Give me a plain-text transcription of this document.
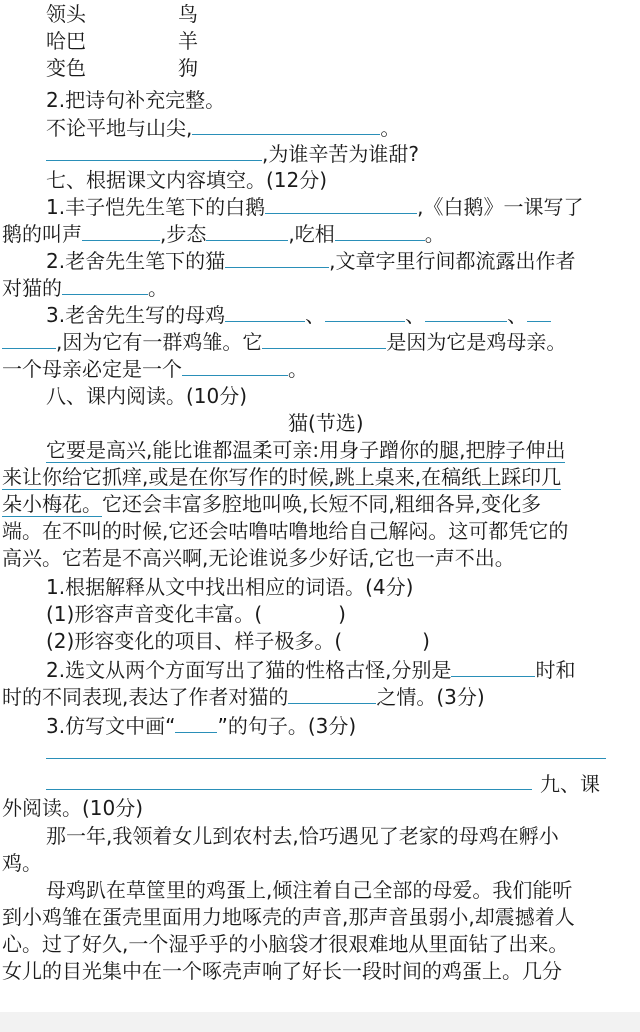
领头	鸟
哈巴	羊
变色	狗
2.把诗句补充完整。
不论平地与山尖,	。
,为谁辛苦为谁甜?
七、根据课文内容填空。(12分)
1.丰子恺先生笔下的白鹅	,《白鹅》一课写了
鹅的叫声	,步态	,吃相	。
2.老舍先生笔下的猫	,文章字里行间都流露出作者
对猫的	。
3.老舍先生写的母鸡	、	、	、
,因为它有一群鸡雏。它	是因为它是鸡母亲。
一个母亲必定是一个	。
八、课内阅读。(10分)
猫(节选)
它要是高兴,能比谁都温柔可亲:用身子蹭你的腿,把脖子伸出
来让你给它抓痒,或是在你写作的时候,跳上桌来,在稿纸上踩印几
朵小梅花。它还会丰富多腔地叫唤,长短不同,粗细各异,变化多
端。在不叫的时候,它还会咕噜咕噜地给自己解闷。这可都凭它的
高兴。它若是不高兴啊,无论谁说多少好话,它也一声不出。
1.根据解释从文中找出相应的词语。(4分)
(1)形容声音变化丰富。(	)
(2)形容变化的项目、样子极多。(	)
2.选文从两个方面写出了猫的性格古怪,分别是	时和
时的不同表现,表达了作者对猫的	之情。(3分)
3.仿写文中画“ ”的句子。(3分)
九、课
外阅读。(10分)
那一年,我领着女儿到农村去,恰巧遇见了老家的母鸡在孵小
鸡。
母鸡趴在草筐里的鸡蛋上,倾注着自己全部的母爱。我们能听
到小鸡雏在蛋壳里面用力地啄壳的声音,那声音虽弱小,却震撼着人
心。过了好久,一个湿乎乎的小脑袋才很艰难地从里面钻了出来。
女儿的目光集中在一个啄壳声响了好长一段时间的鸡蛋上。几分
